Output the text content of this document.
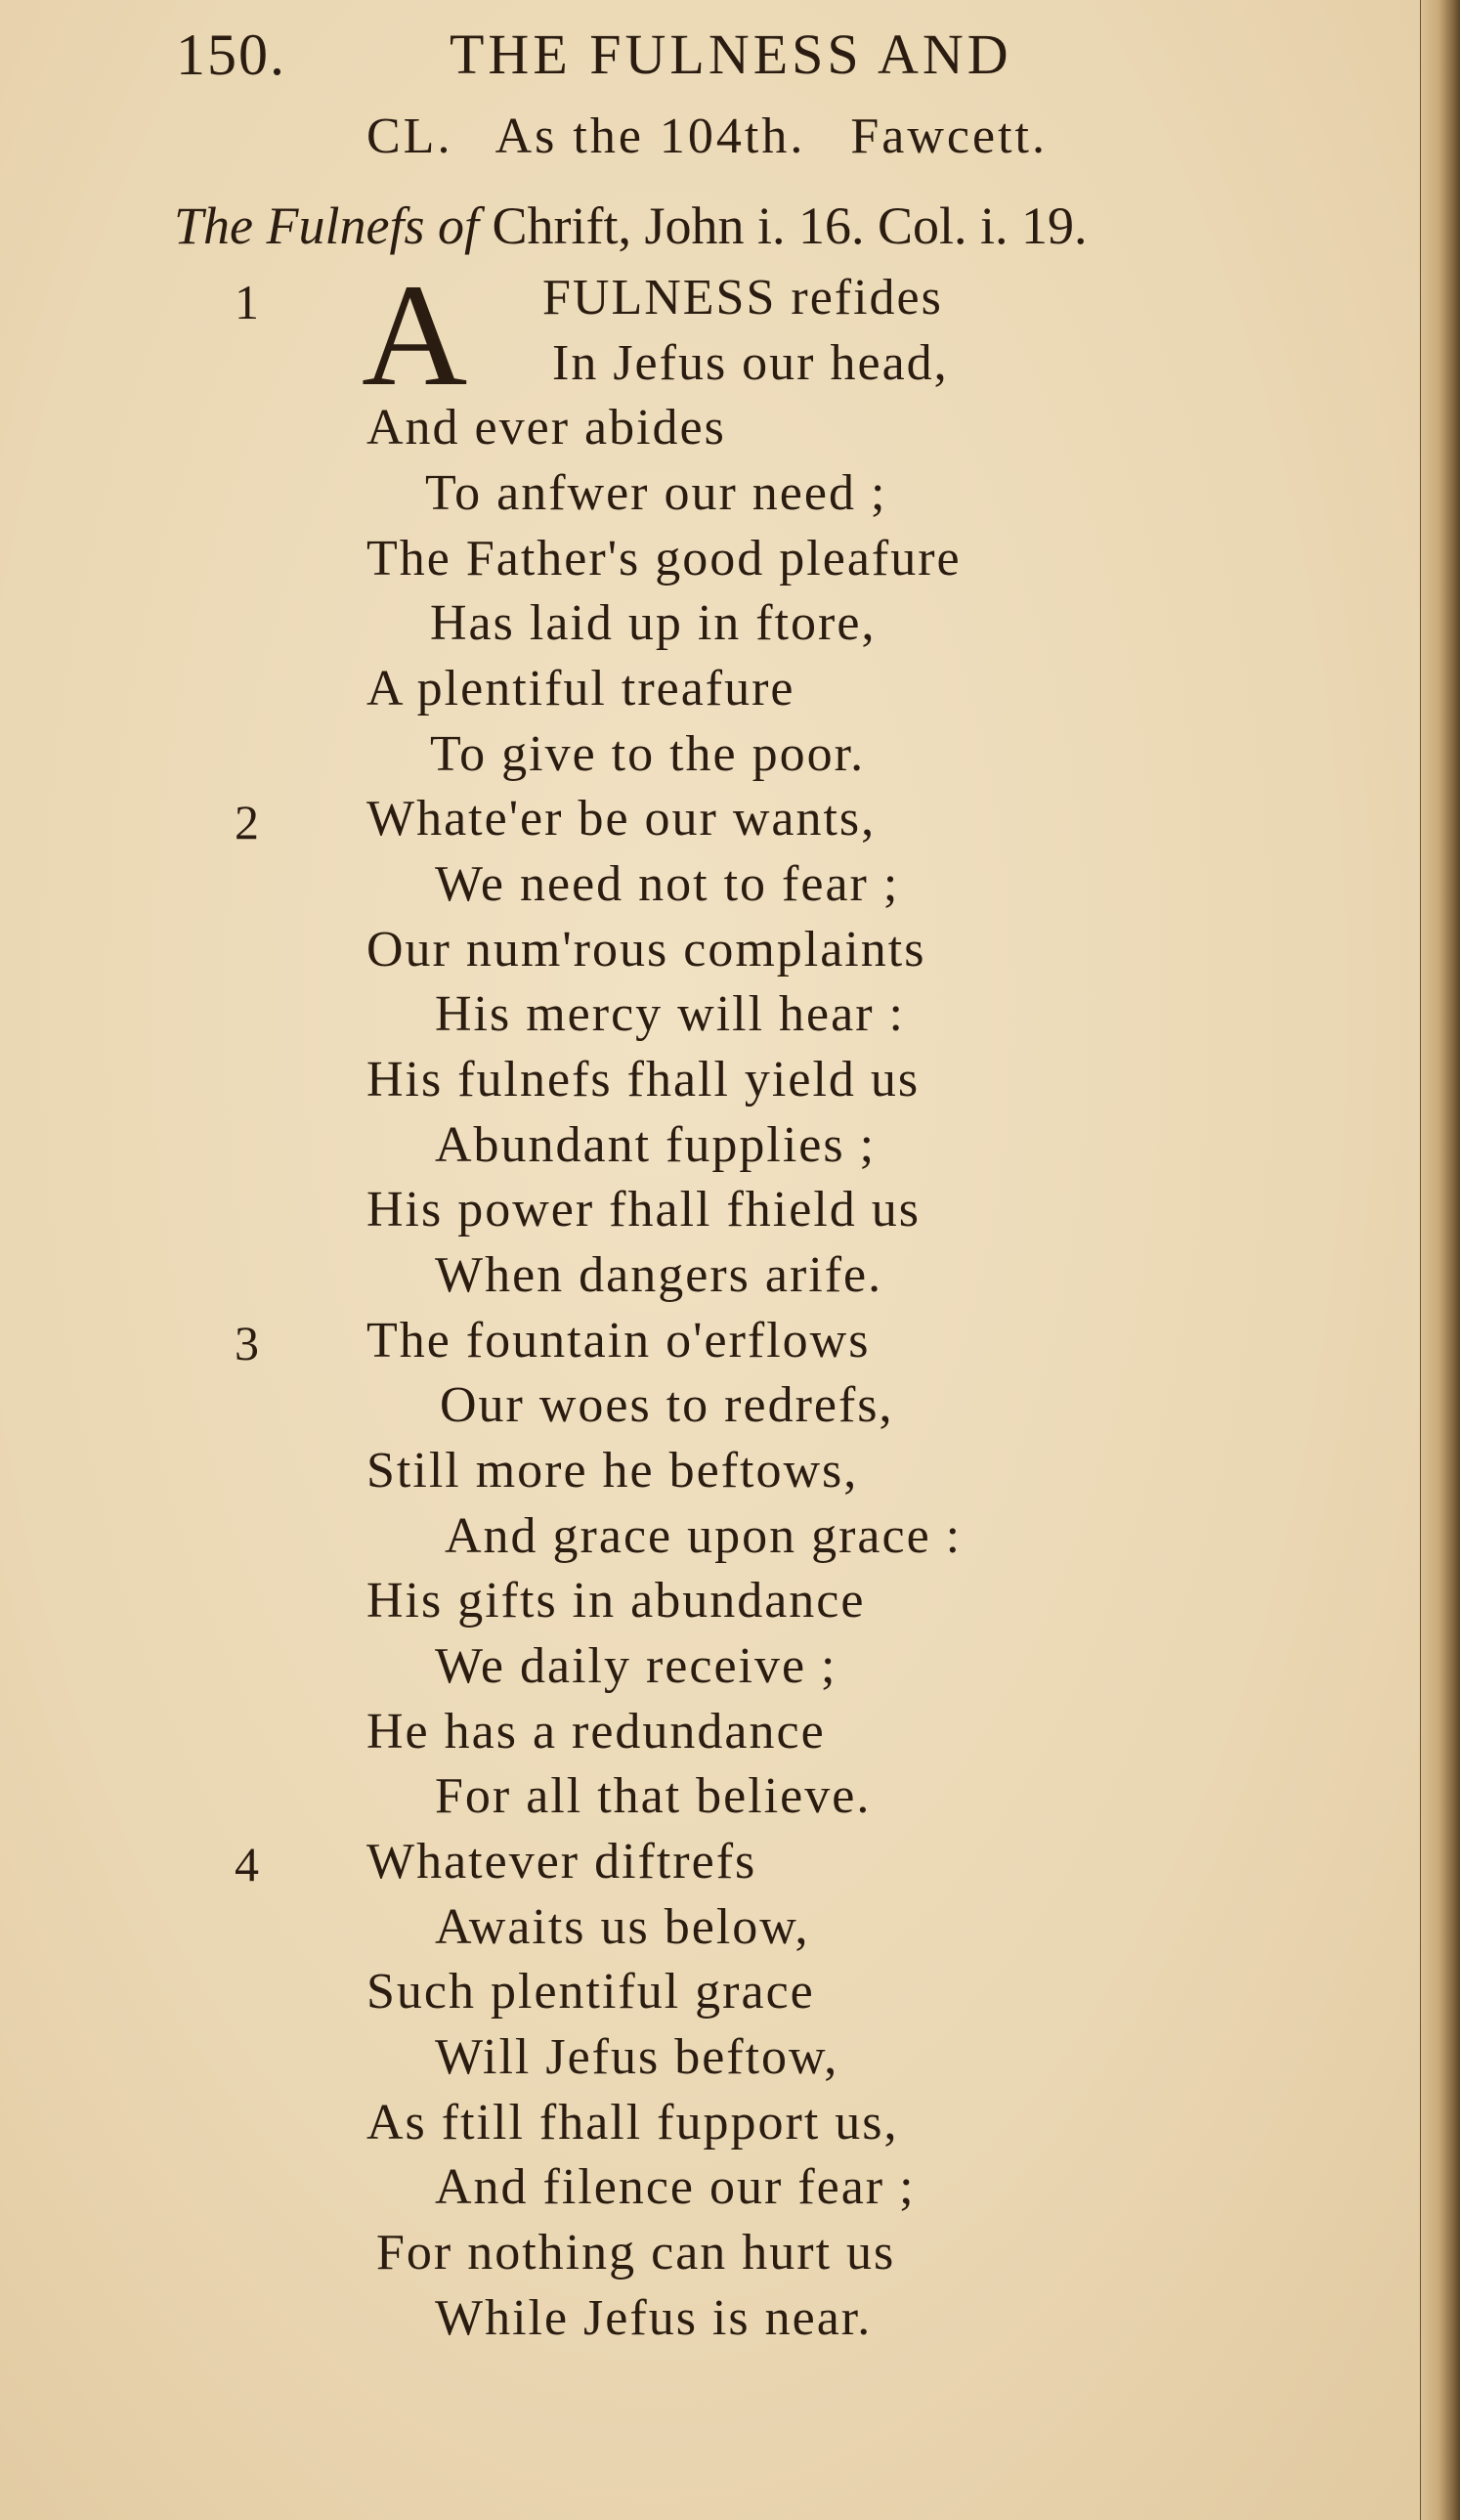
150.	THE FULNESS AND
CL. As the 104th. Fawcett.
The Fulnefs of Chrift, John i. 16. Col. i. 19.
1 A FULNESS refides
In Jefus our head,
And ever abides
To anfwer our need ;
The Father's good pleafure
Has laid up in ftore,
A plentiful treafure
To give to the poor.
2 Whate'er be our wants,
We need not to fear ;
Our num'rous complaints
His mercy will hear :
His fulnefs fhall yield us
Abundant fupplies ;
His power fhall fhield us
When dangers arife.
3 The fountain o'erflows
Our woes to redrefs,
Still more he beftows,
And grace upon grace :
His gifts in abundance
We daily receive ;
He has a redundance
For all that believe.
4 Whatever diftrefs
Awaits us below,
Such plentiful grace
Will Jefus beftow,
As ftill fhall fupport us,
And filence our fear ;
For nothing can hurt us
While Jefus is near.
